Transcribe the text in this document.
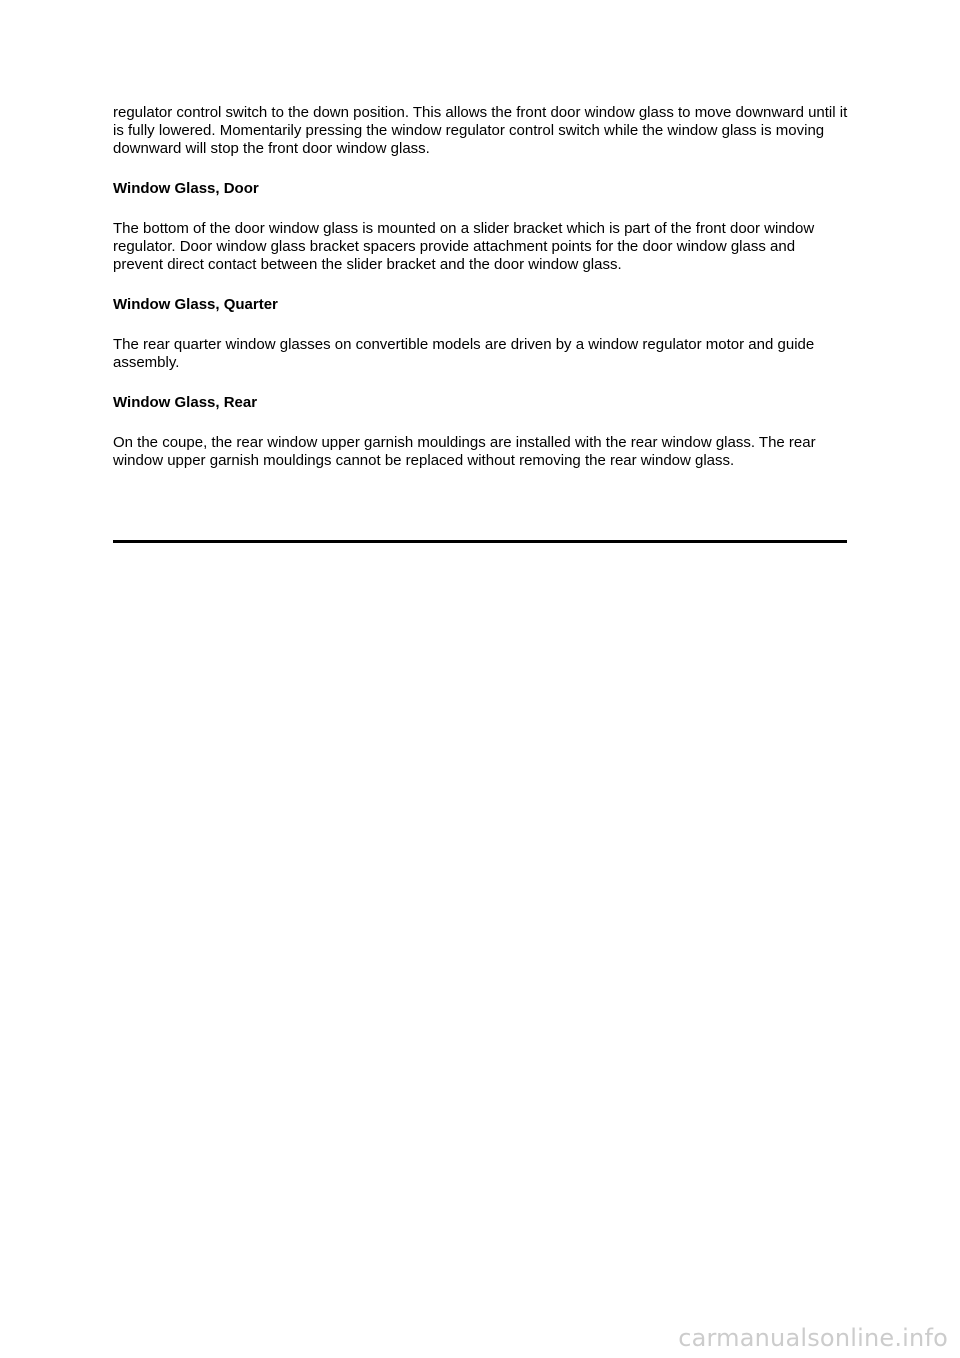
regulator control switch to the down position. This allows the front door window glass to move downward until it is fully lowered. Momentarily pressing the window regulator control switch while the window glass is moving downward will stop the front door window glass.

Window Glass, Door

The bottom of the door window glass is mounted on a slider bracket which is part of the front door window regulator. Door window glass bracket spacers provide attachment points for the door window glass and prevent direct contact between the slider bracket and the door window glass.

Window Glass, Quarter

The rear quarter window glasses on convertible models are driven by a window regulator motor and guide assembly.

Window Glass, Rear

On the coupe, the rear window upper garnish mouldings are installed with the rear window glass. The rear window upper garnish mouldings cannot be replaced without removing the rear window glass.

carmanualsonline.info
